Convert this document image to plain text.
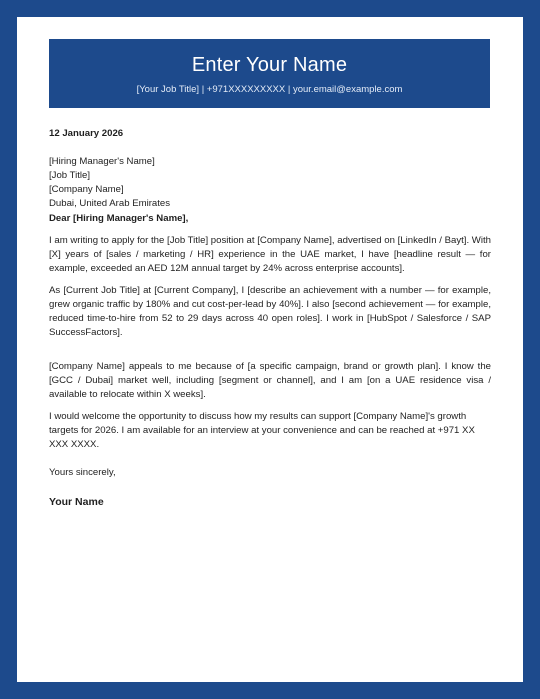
Enter Your Name
[Your Job Title] | +971XXXXXXXXX | your.email@example.com
12 January 2026
[Hiring Manager's Name]
[Job Title]
[Company Name]
Dubai, United Arab Emirates
Dear [Hiring Manager's Name],

I am writing to apply for the [Job Title] position at [Company Name], advertised on [LinkedIn / Bayt]. With [X] years of [sales / marketing / HR] experience in the UAE market, I have [headline result — for example, exceeded an AED 12M annual target by 24% across enterprise accounts].

As [Current Job Title] at [Current Company], I [describe an achievement with a number — for example, grew organic traffic by 180% and cut cost-per-lead by 40%]. I also [second achievement — for example, reduced time-to-hire from 52 to 29 days across 40 open roles]. I work in [HubSpot / Salesforce / SAP SuccessFactors].

[Company Name] appeals to me because of [a specific campaign, brand or growth plan]. I know the [GCC / Dubai] market well, including [segment or channel], and I am [on a UAE residence visa / available to relocate within X weeks].

I would welcome the opportunity to discuss how my results can support [Company Name]'s growth targets for 2026. I am available for an interview at your convenience and can be reached at +971 XX XXX XXXX.

Yours sincerely,
Your Name
